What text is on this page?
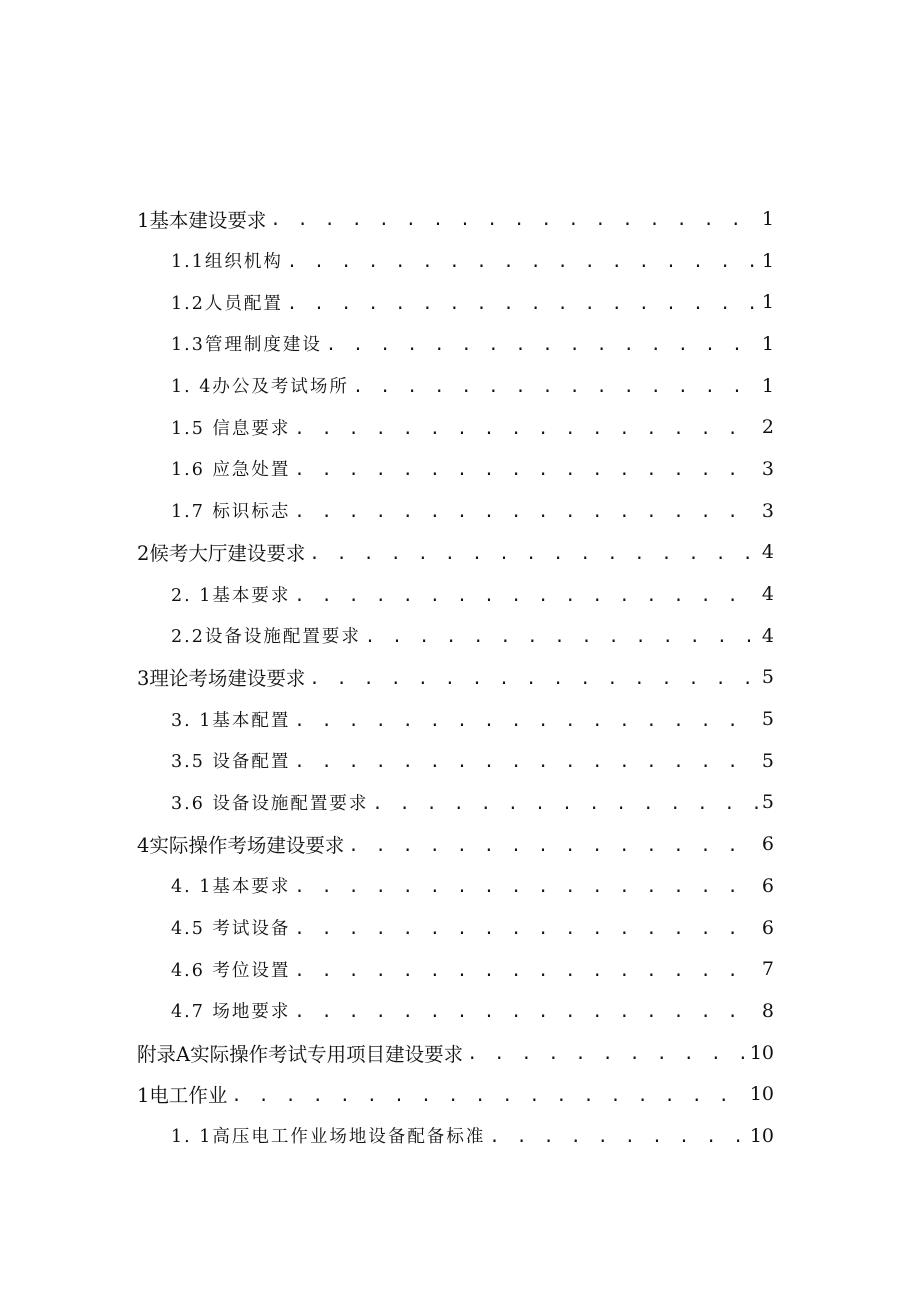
1基本建设要求 . . .	1
1.1组织机构 . . .	1
1.2人员配置 . . .	1
1.3管理制度建设 . . .	1
1. 4办公及考试场所 . . .	1
1.5 信息要求 . . .	2
1.6 应急处置 . . .	3
1.7 标识标志 . . .	3
2候考大厅建设要求 . . .	4
2. 1基本要求 . . .	4
2.2设备设施配置要求 . . .	4
3理论考场建设要求 . . .	5
3. 1基本配置 . . .	5
3.5 设备配置 . . .	5
3.6 设备设施配置要求 . . .	5
4实际操作考场建设要求 . . .	6
4. 1基本要求 . . .	6
4.5 考试设备 . . .	6
4.6 考位设置 . . .	7
4.7 场地要求 . . .	8
附录A实际操作考试专用项目建设要求 . . .	10
1电工作业 . . .	10
1. 1高压电工作业场地设备配备标准 . . .	10
